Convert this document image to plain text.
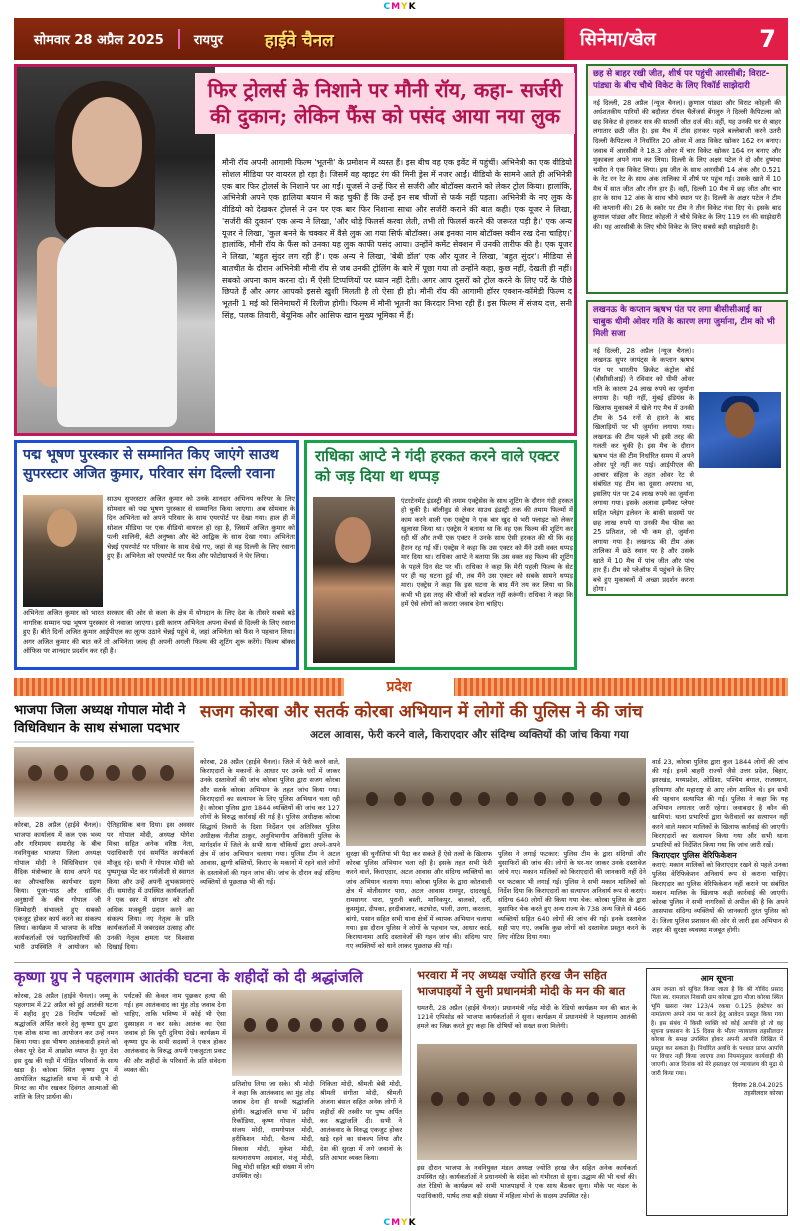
CMYK
सोमवार 28 अप्रैल 2025 रायपुर हाईवे चैनल	सिनेमा/खेल	7
फिर ट्रोलर्स के निशाने पर मौनी रॉय, कहा- सर्जरी की दुकान; लेकिन फैंस को पसंद आया नया लुक
मौनी रॉय अपनी आगामी फिल्म 'भूतनी' के प्रमोशन में व्यस्त हैं। इस बीच वह एक इवेंट में पहुंचीं। अभिनेत्री का एक वीडियो सोशल मीडिया पर वायरल हो रहा है। जिसमें वह व्हाइट रंग की मिनी ड्रेस में नजर आईं। वीडियो के सामने आते ही अभिनेत्री एक बार फिर ट्रोलर्स के निशाने पर आ गईं। यूजर्स ने उन्हें फिर से सर्जरी और बोटॉक्स कराने को लेकर ट्रोल किया। हालांकि, अभिनेत्री अपने एक हालिया बयान में कह चुकी हैं कि उन्हें इन सब चीजों से फर्क नहीं पड़ता। अभिनेत्री के नए लुक के वीडियो को देखकर ट्रोलर्स ने उन पर एक बार फिर निशाना साधा और सर्जरी कराने की बात कही। एक यूजर ने लिखा, 'सर्जरी की दुकान' एक अन्य ने लिखा, 'और थोड़े फिलर्स करवा लेती, तभी तो फिलर्स करने की जरूरत पड़ी है।' एक अन्य यूजर ने लिखा, 'कुल बनने के चक्कर में वैसे लुक आ गया सिर्फ बोटॉक्स। अब इनका नाम बोटॉक्स क्वीन रख देना चाहिए।' हालांकि, मौनी रॉय के फैंस को उनका यह लुक काफी पसंद आया। उन्होंने कमेंट सेक्शन में उनकी तारीफ की है। एक यूजर ने लिखा, 'बहुत सुंदर लग रही हैं'। एक अन्य ने लिखा, 'बेबी डॉल' एक और यूजर ने लिखा, 'बहुत सुंदर'। मीडिया से बातचीत के दौरान अभिनेत्री मौनी रॉय से जब उनकी ट्रोलिंग के बारे में पूछा गया तो उन्होंने कहा, कुछ नहीं, देखती ही नहीं। सबको अपना काम करना दो। मैं ऐसी टिप्पणियों पर ध्यान नहीं देती। अगर आप दूसरों को ट्रोल करने के लिए पर्दे के पीछे छिपते हैं और अगर आपको इससे खुशी मिलती है तो ऐसा ही हो। मौनी रॉय की आगामी हॉरर एक्शन-कॉमेडी फिल्म द भूतनी 1 मई को सिनेमाघरों में रिलीज होगी। फिल्म में मौनी भूतनी का किरदार निभा रही हैं। इस फिल्म में संजय दत्त, सनी सिंह, पलक तिवारी, बेयूनिक और आसिफ खान मुख्य भूमिका में हैं।
छह से बाहर रखी जीत, शीर्ष पर पहुंची आरसीबी; विराट-पांड्या के बीच चौथे विकेट के लिए रिकॉर्ड साझेदारी
नई दिल्ली, 28 अप्रैल (न्यूज चैनल)। क्रुणाल पांड्या और विराट कोहली की अर्धशतकीय पारियों की बदौलत रॉयल चैलेंजर्स बेंगलुरु ने दिल्ली कैपिटल्स को छह विकेट से हराकर सत्र की सातवीं जीत दर्ज की। वहीं, यह उनकी घर से बाहर लगातार छठी जीत है। इस मैच में टॉस हारकर पहले बल्लेबाजी करने उतरी दिल्ली कैपिटल्स ने निर्धारित 20 ओवर में आठ विकेट खोकर 162 रन बनाए। जवाब में आरसीबी ने 18.3 ओवर में चार विकेट खोकर 164 रन बनाए और मुकाबला अपने नाम कर लिया। दिल्ली के लिए अक्षर पटेल ने दो और दुष्मंथा चमीरा ने एक विकेट लिया। इस जीत के साथ आरसीबी 14 अंक और 0.521 के नेट रन रेट के साथ अंक तालिका में शीर्ष पर पहुंच गई। उसके खाते में 10 मैच में सात जीत और तीन हार हैं। वहीं, दिल्ली 10 मैच में छह जीत और चार हार के साथ 12 अंक के साथ चौथे स्थान पर है। दिल्ली के अक्षर पटेल ने टीम की कप्तानी की। 26 के स्कोर पर टीम ने तीन विकेट गंवा दिए थे। इसके बाद क्रुणाल पांड्या और विराट कोहली ने चौथे विकेट के लिए 119 रन की साझेदारी की। यह आरसीबी के लिए चौथे विकेट के लिए सबसे बड़ी साझेदारी है।
लखनऊ के कप्तान ऋषभ पंत पर लगा बीसीसीआई का चाबुक धीमी ओवर गति के कारण लगा जुर्माना, टीम को भी मिली सजा
नई दिल्ली, 28 अप्रैल (न्यूज चैनल)। लखनऊ सुपर जायंट्स के कप्तान ऋषभ पंत पर भारतीय क्रिकेट कंट्रोल बोर्ड (बीसीसीआई) ने रविवार को धीमी ओवर गति के कारण 24 लाख रुपये का जुर्माना लगाया है। यही नहीं, मुंबई इंडियंस के खिलाफ मुकाबले में खेले गए मैच में उनकी टीम के 54 रनों से हारने के बाद खिलाड़ियों पर भी जुर्माना लगाया गया। लखनऊ की टीम पहले भी इसी तरह की गलती कर चुकी है। इस मैच के दौरान ऋषभ पंत की टीम निर्धारित समय में अपने ओवर पूरे नहीं कर पाई। आईपीएल की आचार संहिता के तहत ओवर रेट से संबंधित यह टीम का दूसरा अपराध था, इसलिए पंत पर 24 लाख रुपये का जुर्माना लगाया गया। इसके अलावा इम्पैक्ट प्लेयर सहित प्लेइंग इलेवन के बाकी सदस्यों पर छह लाख रुपये या उनकी मैच फीस का 25 प्रतिशत, जो भी कम हो, जुर्माना लगाया गया है। लखनऊ की टीम अंक तालिका में छठे स्थान पर है और उसके खाते में 10 मैच में पांच जीत और पांच हार हैं। टीम को प्लेऑफ में पहुंचने के लिए बचे हुए मुकाबलों में अच्छा प्रदर्शन करना होगा।
पद्म भूषण पुरस्कार से सम्मानित किए जाएंगे साउथ सुपरस्टार अजित कुमार, परिवार संग दिल्ली रवाना
साउथ सुपरस्टार अजित कुमार को उनके शानदार अभिनय करियर के लिए सोमवार को पद्म भूषण पुरस्कार से सम्मानित किया जाएगा। अब सोमवार के दिन अभिनेता को अपने परिवार के साथ एयरपोर्ट पर देखा गया। हाल ही में सोशल मीडिया पर एक वीडियो वायरल हो रहा है, जिसमें अजित कुमार को पत्नी शालिनी, बेटी अनुष्का और बेटे आद्विक के साथ देखा गया। अभिनेता चेन्नई एयरपोर्ट पर परिवार के साथ देखे गए, जहां से वह दिल्ली के लिए रवाना हुए हैं। अभिनेता को एयरपोर्ट पर फैंस और फोटोग्राफर्स ने घेर लिया।
अभिनेता अजित कुमार को भारत सरकार की ओर से कला के क्षेत्र में योगदान के लिए देश के तीसरे सबसे बड़े नागरिक सम्मान पद्म भूषण पुरस्कार से नवाजा जाएगा। इसी कारण अभिनेता अपना वेंचर्स से दिल्ली के लिए रवाना हुए हैं। बीते दिनों अजित कुमार आईपीएल का लुत्फ उठाने चेन्नई पहुंचे थे, जहां अभिनेता को फैंस ने पहचान लिया। अगर अजित कुमार की बात करें तो अभिनेता जल्द ही अपनी अगली फिल्म की शूटिंग शुरू करेंगे। फिल्म बॉक्स ऑफिस पर शानदार प्रदर्शन कर रही है।
राधिका आप्टे ने गंदी हरकत करने वाले एक्टर को जड़ दिया था थप्पड़
एंटरटेनमेंट इंडस्ट्री की तमाम एक्ट्रेसेस के साथ शूटिंग के दौरान गंदी हरकत हो चुकी है। बॉलीवुड से लेकर साउथ इंडस्ट्री तक की तमाम फिल्मों में काम करने वाली एक एक्ट्रेस ने एक बार खुद से भरी फ्लाइट को लेकर खुलासा किया था। एक्ट्रेस ने बताया था कि वह एक फिल्म की शूटिंग कर रही थीं और तभी एक एक्टर ने उनके साथ ऐसी हरकत की थी कि वह हैरान रह गई थीं। एक्ट्रेस ने कहा कि उस एक्टर को मैंने उसी वक्त थप्पड़ मार दिया था। राधिका आप्टे ने बताया कि उस वक्त वह फिल्म की शूटिंग के पहले दिन सेट पर थीं। राधिका ने कहा कि मेरी पहली फिल्म के सेट पर ही यह घटना हुई थी, तब मैंने उस एक्टर को सबके सामने थप्पड़ मारा। एक्ट्रेस ने कहा कि इस घटना के बाद मैंने तय कर लिया था कि कभी भी इस तरह की चीजों को बर्दाश्त नहीं करूंगी। राधिका ने कहा कि हमें ऐसे लोगों को करारा जवाब देना चाहिए।
प्रदेश
भाजपा जिला अध्यक्ष गोपाल मोदी ने विधिविधान के साथ संभाला पदभार
कोरबा, 28 अप्रैल (हाईवे चैनल)। भाजपा कार्यालय में कल एक भव्य और गरिमामय समारोह के बीच नवनियुक्त भाजपा जिला अध्यक्ष गोपाल मोदी ने विधिविधान एवं वैदिक मंत्रोच्चार के साथ अपने पद का औपचारिक कार्यभार ग्रहण किया। पूजा-पाठ और धार्मिक अनुष्ठानों के बीच गोपाल जी जिम्मेदारी संभालते हुए सबको एकजुट होकर कार्य करने का संकल्प लिया। कार्यक्रम में भाजपा के वरिष्ठ कार्यकर्ताओं एवं पदाधिकारियों की भारी उपस्थिति ने आयोजन को ऐतिहासिक बना दिया। इस अवसर पर गोपाल मोदी, अध्यक्ष योगेश मिश्रा सहित अनेक वरिष्ठ नेता, पदाधिकारी एवं समर्पित कार्यकर्ता मौजूद रहे। सभी ने गोपाल मोदी को पुष्पगुच्छ भेंट कर गर्मजोशी से स्वागत किया और उन्हें अपनी शुभकामनाएं दीं। समारोह में उपस्थित कार्यकर्ताओं ने एक स्वर में संगठन को और अधिक मजबूती प्रदान करने का संकल्प लिया। नए नेतृत्व के प्रति कार्यकर्ताओं में जबरदस्त उत्साह और उनकी नेतृत्व क्षमता पर विश्वास दिखाई दिया।
सजग कोरबा और सतर्क कोरबा अभियान में लोगों की पुलिस ने की जांच
अटल आवास, फेरी करने वाले, किराएदार और संदिग्ध व्यक्तियों की जांच किया गया
कोरबा, 28 अप्रैल (हाईवे चैनल)। जिले में फेरी करने वाले, किराएदारों के मकानों के आधार पर उनके घरों में जाकर उनके दस्तावेजों की जांच कोरबा पुलिस द्वारा सजग कोरबा और सतर्क कोरबा अभियान के तहत जांच किया गया। किराएदारों का सत्यापन के लिए पुलिस अभियान चला रही है। कोरबा पुलिस द्वारा 1844 व्यक्तियों की जांच कर 127 लोगों के विरुद्ध कार्रवाई की गई है। पुलिस अधीक्षक कोरबा सिद्धार्थ तिवारी के दिशा निर्देशन एवं अतिरिक्त पुलिस अधीक्षक नीतीश ठाकुर, अनुविभागीय अधिकारी पुलिस के मार्गदर्शन में जिले के सभी थाना चौकियों द्वारा अपने-अपने क्षेत्र में जांच अभियान चलाया गया। पुलिस टीम ने अटल आवास, झुग्गी बस्तियों, किराए के मकानों में रहने वाले लोगों के दस्तावेजों की गहन जांच की। जांच के दौरान कई संदिग्ध व्यक्तियों से पूछताछ भी की गई।
सुरक्षा की चुनौतियां भी पैदा कर सकते हैं ऐसे तत्वों के खिलाफ कोरबा पुलिस अभियान चला रही है। इसके तहत सभी फेरी करने वाले, किराएदार, अटल आवास और संदिग्ध व्यक्तियों का जांच अभियान चलाया गया। कोरबा पुलिस के द्वारा कोतवाली क्षेत्र में मोतीसागर पारा, अटल आवास रामपुर, दादरखुर्द, रामसागर पारा, पुरानी बस्ती, मानिकपुर, बालको, दर्री, कुसमुंडा, दीपका, हरदीबाजार, कटघोरा, पाली, उरगा, करतला, बांगो, पसान सहित सभी थाना क्षेत्रों में व्यापक अभियान चलाया गया। इस दौरान पुलिस ने लोगों के पहचान पत्र, आधार कार्ड, किरायानामा आदि दस्तावेजों की गहन जांच की। संदिग्ध पाए गए व्यक्तियों को थाने लाकर पूछताछ की गई।
पुलिस ने लगाई फटकार: पुलिस टीम के द्वारा संदिग्धों और मुसाफिरों की जांच की। लोगों के घर-घर जाकर उनके दस्तावेज जांचे गए। मकान मालिकों को किराएदारों की जानकारी नहीं देने पर फटकार भी लगाई गई। पुलिस ने सभी मकान मालिकों को निर्देश दिया कि किराएदारों का सत्यापन अनिवार्य रूप से कराएं। संदिग्ध 640 लोगों की किया गया चेक: कोरबा पुलिस के द्वारा मुसाफिर चेक करते हुए अन्य राज्य के 738 अन्य जिले से 466 व्यक्तियों सहित 640 लोगों की जांच की गई। इनके दस्तावेज सही पाए गए, जबकि कुछ लोगों को दस्तावेज प्रस्तुत करने के लिए नोटिस दिया गया।
वार्ड 23, कोरबा पुलिस द्वारा कुल 1844 लोगों की जांच की गई। इनमें बाहरी राज्यों जैसे उत्तर प्रदेश, बिहार, झारखंड, मध्यप्रदेश, ओडिशा, पश्चिम बंगाल, राजस्थान, हरियाणा और महाराष्ट्र से आए लोग शामिल थे। इन सभी की पहचान सत्यापित की गई। पुलिस ने कहा कि यह अभियान लगातार जारी रहेगा। जवाबदार है कौन की खामियां: थाना प्रभारियों द्वारा फेरीवालों का सत्यापन नहीं करने वाले मकान मालिकों के खिलाफ कार्रवाई की जाएगी। किराएदारों का सत्यापन किया गया और सभी थाना प्रभारियों को निर्देशित किया गया कि जांच जारी रखें।
किराएदार पुलिस वेरिफिकेशन
कराएं: मकान मालिकों को किराएदार रखने से पहले उनका पुलिस वेरिफिकेशन अनिवार्य रूप से कराना चाहिए। किराएदार का पुलिस वेरिफिकेशन नहीं कराने पर संबंधित मकान मालिक के खिलाफ कड़ी कार्रवाई की जाएगी। कोरबा पुलिस ने सभी नागरिकों से अपील की है कि अपने आसपास संदिग्ध व्यक्तियों की जानकारी तुरंत पुलिस को दें। जिला पुलिस प्रशासन की ओर से जारी इस अभियान से शहर की सुरक्षा व्यवस्था मजबूत होगी।
कृष्णा ग्रुप ने पहलगाम आतंकी घटना के शहीदों को दी श्रद्धांजलि
कोरबा, 28 अप्रैल (हाईवे चैनल)। जम्मू के पहलगाम में 22 अप्रैल को हुई आतंकी घटना में शहीद हुए 28 निर्दोष पर्यटकों को श्रद्धांजलि अर्पित करने हेतु कृष्णा ग्रुप द्वारा एक शोक सभा का आयोजन कर उन्हें नमन किया गया। इस भीषण आतंकवादी हमले को लेकर पूरे देश में आक्रोश व्याप्त है। पूरा देश इस दुख की घड़ी में पीड़ित परिवारों के साथ खड़ा है। कोरबा स्थित कृष्णा ग्रुप में आयोजित श्रद्धांजलि सभा में सभी ने दो मिनट का मौन रखकर दिवंगत आत्माओं की शांति के लिए प्रार्थना की।
पर्यटकों की केवल नाम पूछकर हत्या की गई। हम आतंकवाद का मुंह तोड़ जवाब देना चाहिए, ताकि भविष्य में कोई भी ऐसा दुस्साहस न कर सके। आतंक का ऐसा जवाब हो कि पूरी दुनिया देखे। कार्यक्रम में कृष्णा ग्रुप के सभी सदस्यों ने एकत्र होकर आतंकवाद के विरुद्ध अपनी एकजुटता प्रकट की और शहीदों के परिवारों के प्रति संवेदना व्यक्त की।
प्रतिशोध लिया जा सके। श्री मोदी ने कहा कि आतंकवाद का मुंह तोड़ जवाब देना ही सच्ची श्रद्धांजलि होगी। श्रद्धांजलि सभा में प्रदीप रिकॉडिया, कृष्ण गोपाल मोदी, संजय मोदी, रामगोपाल मोदी, हरीकिशन मोदी, चैतन्य मोदी, विकास मोदी, मुकेश मोदी, सत्यनारायण अग्रवाल, मंजू मोदी, विद्यु मोदी सहित बड़ी संख्या में लोग उपस्थित रहे।
निकिता मोदी, श्रीमती बेबी मोदी, श्रीमती संगीता मोदी, श्रीमती अंजना बंसल सहित अनेक लोगों ने शहीदों की तस्वीर पर पुष्प अर्पित कर श्रद्धांजलि दी। सभी ने आतंकवाद के विरुद्ध एकजुट होकर खड़े रहने का संकल्प लिया और देश की सुरक्षा में लगे जवानों के प्रति आभार व्यक्त किया।
भरवारा में नए अध्यक्ष ज्योति हरख जैन सहित भाजपाइयों ने सुनी प्रधानमंत्री मोदी के मन की बात
धमतरी, 28 अप्रैल (हाईवे चैनल)। प्रधानमंत्री नरेंद्र मोदी के रेडियो कार्यक्रम मन की बात के 121वें एपिसोड को भाजपा कार्यकर्ताओं ने सुना। कार्यक्रम में प्रधानमंत्री ने पहलगाम आतंकी हमले का जिक्र करते हुए कहा कि दोषियों को सख्त सजा मिलेगी।
इस दौरान भाजपा के नवनियुक्त मंडल अध्यक्ष ज्योति हरख जैन सहित अनेक कार्यकर्ता उपस्थित रहे। कार्यकर्ताओं ने प्रधानमंत्री के संदेश को गंभीरता से सुना। उद्धाम की भी चर्चा की। अंत रेडियो के कार्यक्रम को सभी भाजपाइयों ने एक साथ बैठकर सुना। मौके पर मंडल के पदाधिकारी, पार्षद तथा बड़ी संख्या में महिला मोर्चा के सदस्य उपस्थित रहे।
आम सूचना

आम जनता को सूचित किया जाता है कि श्री गोविंद प्रसाद पिता स्व. रामलाल निवासी ग्राम कोरबा द्वारा मौजा कोरबा स्थित भूमि खसरा नंबर 123/4 रकबा 0.125 हेक्टेयर का नामांतरण अपने नाम पर करने हेतु आवेदन प्रस्तुत किया गया है। इस संबंध में किसी व्यक्ति को कोई आपत्ति हो तो वह सूचना प्रकाशन के 15 दिवस के भीतर न्यायालय तहसीलदार कोरबा के समक्ष उपस्थित होकर अपनी आपत्ति लिखित में प्रस्तुत कर सकता है। निर्धारित अवधि के पश्चात प्राप्त आपत्ति पर विचार नहीं किया जाएगा तथा नियमानुसार कार्यवाही की जाएगी। आज दिनांक को मेरे हस्ताक्षर एवं न्यायालय की मुद्रा से जारी किया गया।

दिनांक 28.04.2025
तहसीलदार कोरबा
CMYK
